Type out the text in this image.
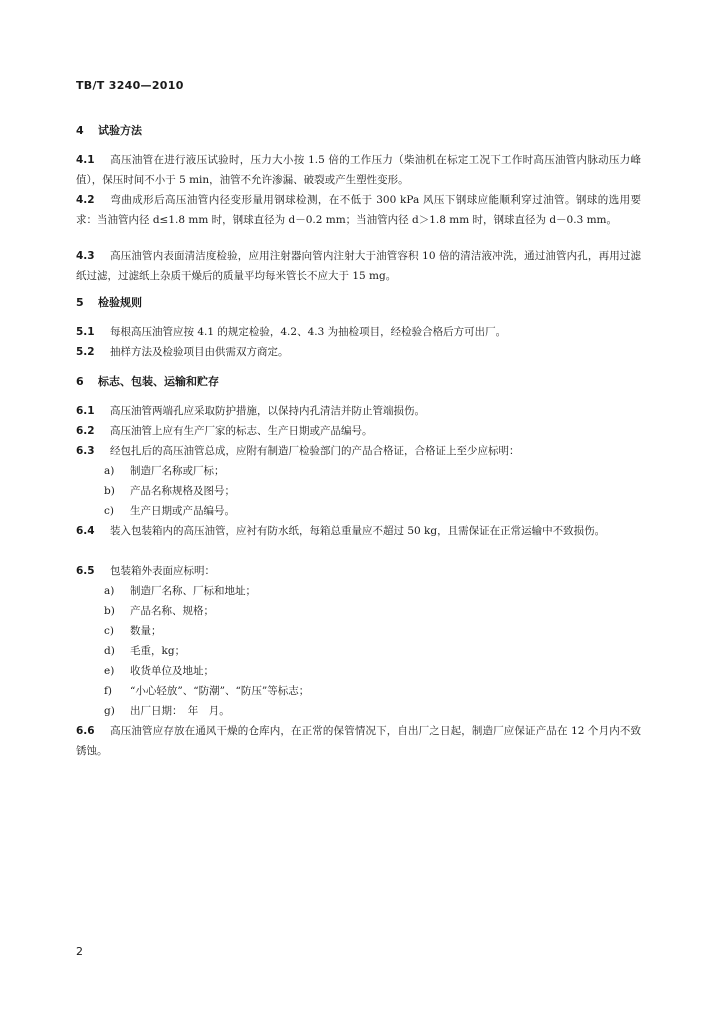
TB/T 3240—2010
4 试验方法
4.1 高压油管在进行液压试验时，压力大小按 1.5 倍的工作压力（柴油机在标定工况下工作时高压油管内脉动压力峰值），保压时间不小于 5 min，油管不允许渗漏、破裂或产生塑性变形。
4.2 弯曲成形后高压油管内径变形量用钢球检测，在不低于 300 kPa 风压下钢球应能顺利穿过油管。钢球的选用要求：当油管内径 d≤1.8 mm 时，钢球直径为 d－0.2 mm；当油管内径 d＞1.8 mm 时，钢球直径为 d－0.3 mm。
4.3 高压油管内表面清洁度检验，应用注射器向管内注射大于油管容积 10 倍的清洁液冲洗，通过油管内孔，再用过滤纸过滤，过滤纸上杂质干燥后的质量平均每米管长不应大于 15 mg。
5 检验规则
5.1 每根高压油管应按 4.1 的规定检验，4.2、4.3 为抽检项目，经检验合格后方可出厂。
5.2 抽样方法及检验项目由供需双方商定。
6 标志、包装、运输和贮存
6.1 高压油管两端孔应采取防护措施，以保持内孔清洁并防止管端损伤。
6.2 高压油管上应有生产厂家的标志、生产日期或产品编号。
6.3 经包扎后的高压油管总成，应附有制造厂检验部门的产品合格证，合格证上至少应标明：
a) 制造厂名称或厂标；
b) 产品名称规格及图号；
c) 生产日期或产品编号。
6.4 装入包装箱内的高压油管，应衬有防水纸，每箱总重量应不超过 50 kg，且需保证在正常运输中不致损伤。
6.5 包装箱外表面应标明：
a) 制造厂名称、厂标和地址；
b) 产品名称、规格；
c) 数量；
d) 毛重，kg；
e) 收货单位及地址；
f) “小心轻放”、“防潮”、“防压”等标志；
g) 出厂日期：　年　月。
6.6 高压油管应存放在通风干燥的仓库内，在正常的保管情况下，自出厂之日起，制造厂应保证产品在 12 个月内不致锈蚀。
2
